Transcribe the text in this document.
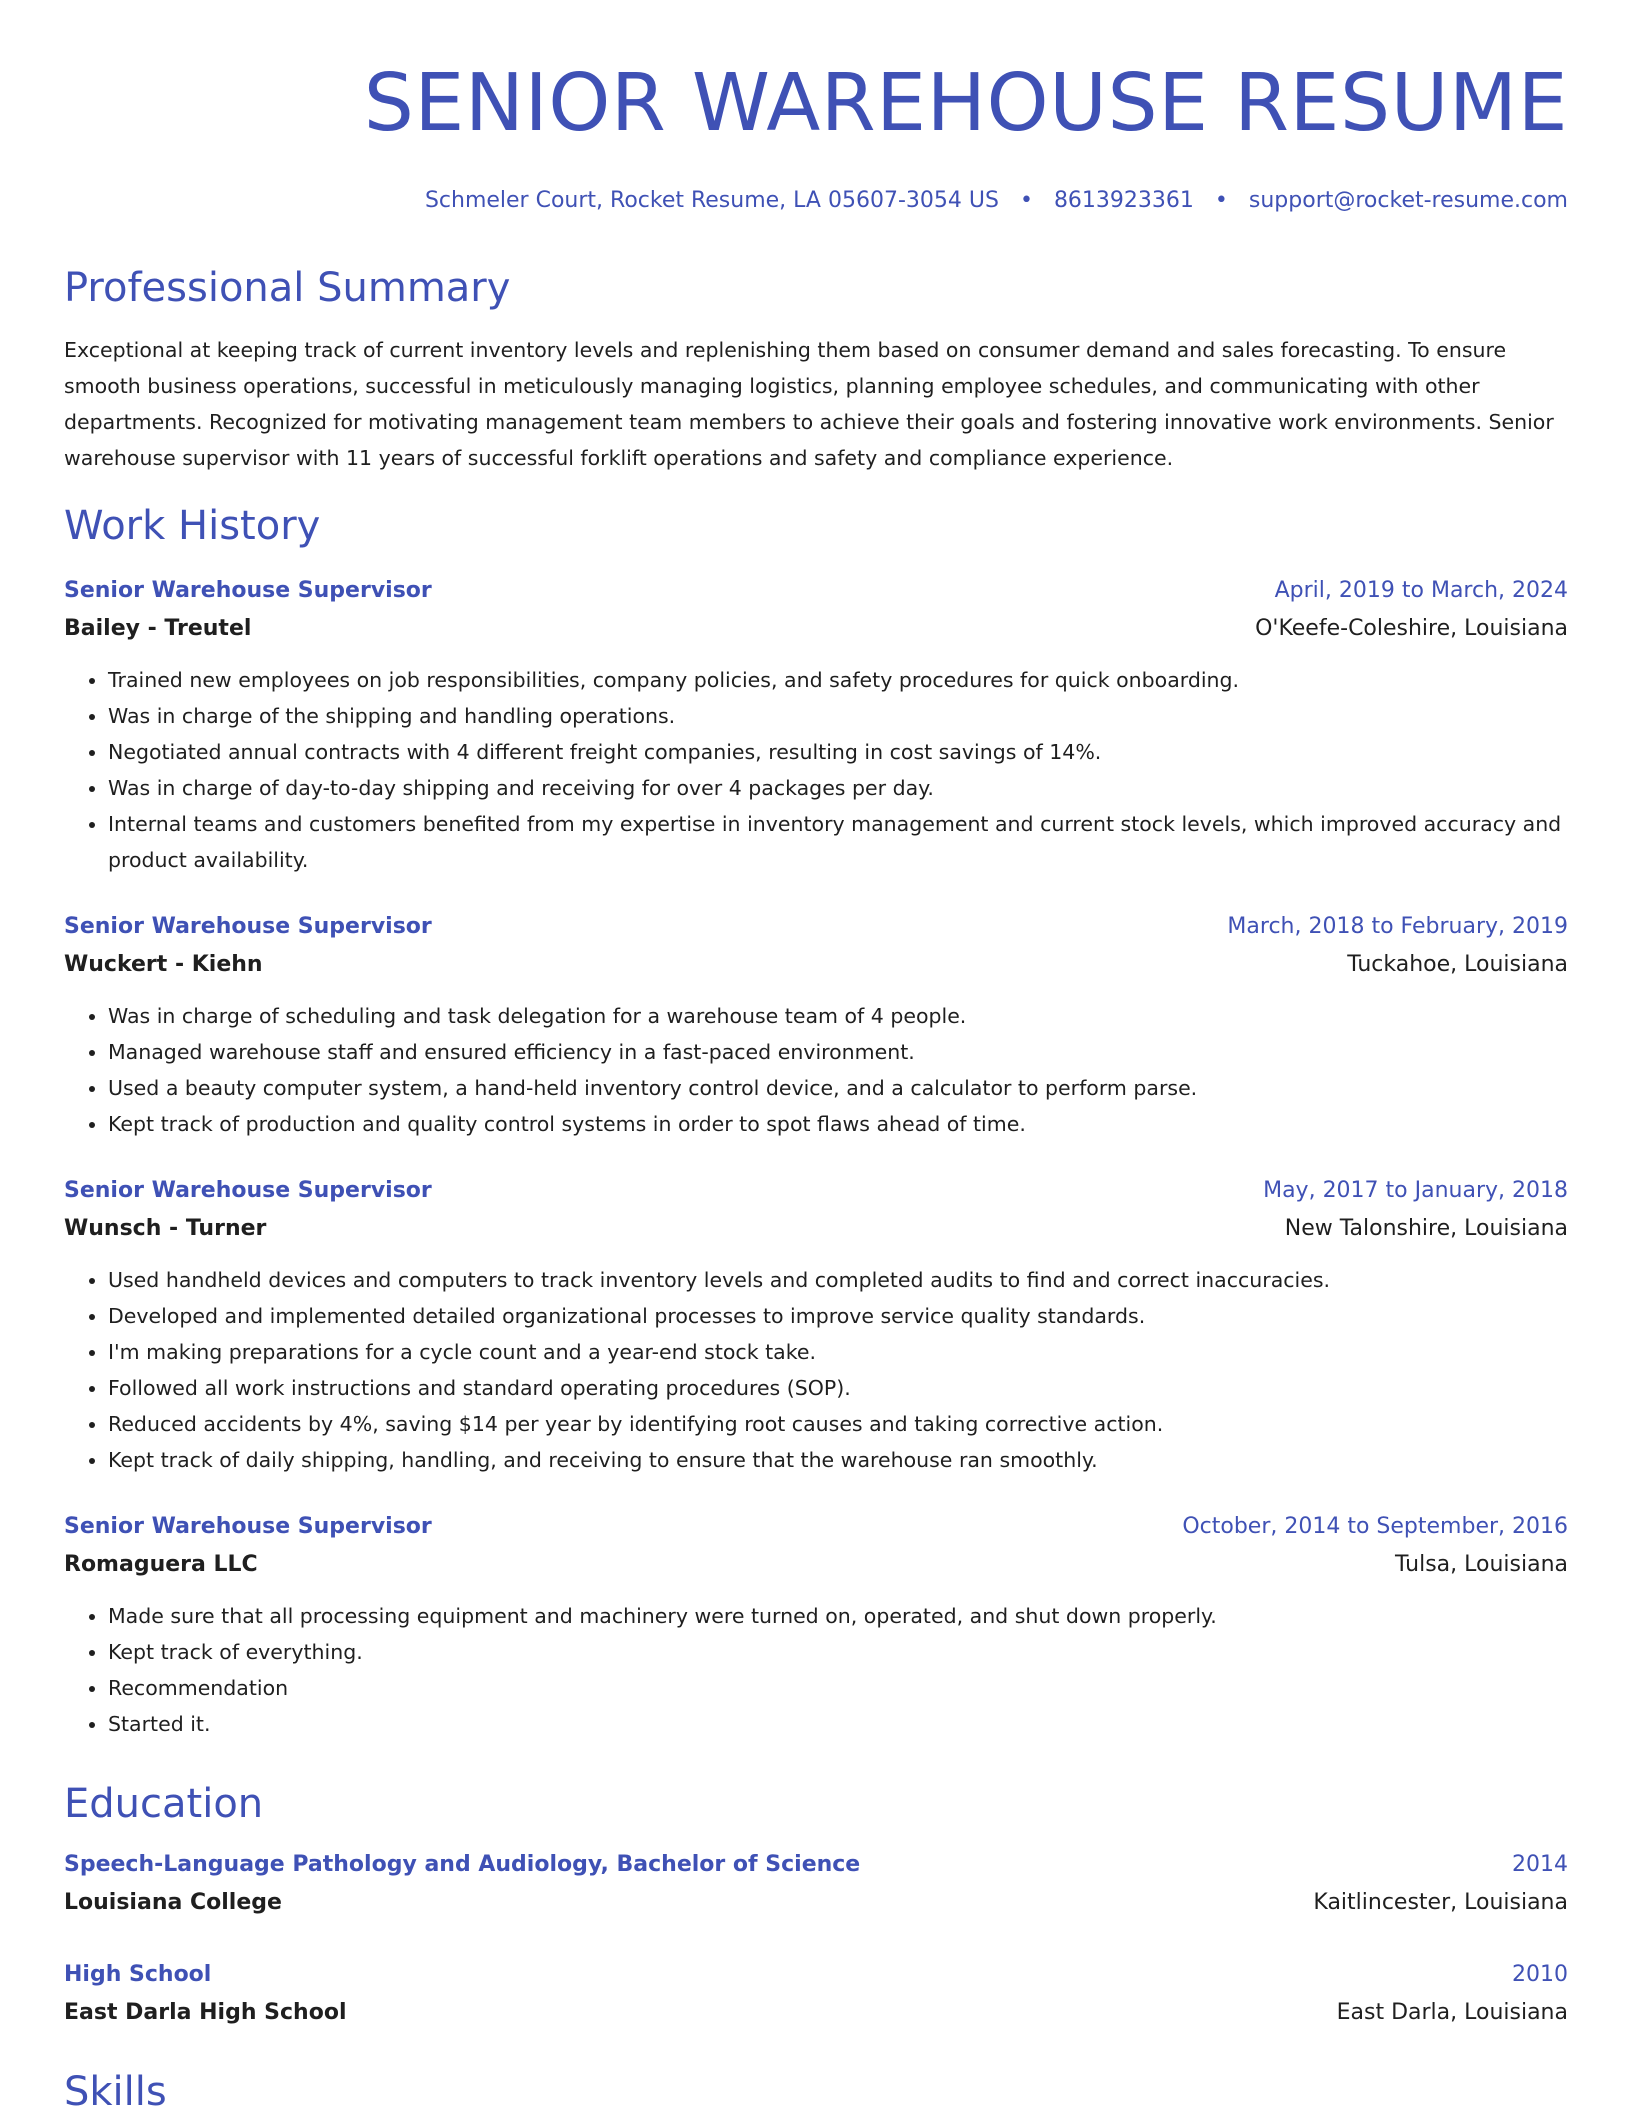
SENIOR WAREHOUSE RESUME
Schmeler Court, Rocket Resume, LA 05607-3054 US • 8613923361 • support@rocket-resume.com
Professional Summary

Exceptional at keeping track of current inventory levels and replenishing them based on consumer demand and sales forecasting. To ensure smooth business operations, successful in meticulously managing logistics, planning employee schedules, and communicating with other departments. Recognized for motivating management team members to achieve their goals and fostering innovative work environments. Senior warehouse supervisor with 11 years of successful forklift operations and safety and compliance experience.

Work History
Senior Warehouse Supervisor	April, 2019 to March, 2024
Bailey - Treutel	O'Keefe-Coleshire, Louisiana
• Trained new employees on job responsibilities, company policies, and safety procedures for quick onboarding.
• Was in charge of the shipping and handling operations.
• Negotiated annual contracts with 4 different freight companies, resulting in cost savings of 14%.
• Was in charge of day-to-day shipping and receiving for over 4 packages per day.
• Internal teams and customers benefited from my expertise in inventory management and current stock levels, which improved accuracy and product availability.
Senior Warehouse Supervisor	March, 2018 to February, 2019
Wuckert - Kiehn	Tuckahoe, Louisiana
• Was in charge of scheduling and task delegation for a warehouse team of 4 people.
• Managed warehouse staff and ensured efficiency in a fast-paced environment.
• Used a beauty computer system, a hand-held inventory control device, and a calculator to perform parse.
• Kept track of production and quality control systems in order to spot flaws ahead of time.
Senior Warehouse Supervisor	May, 2017 to January, 2018
Wunsch - Turner	New Talonshire, Louisiana
• Used handheld devices and computers to track inventory levels and completed audits to find and correct inaccuracies.
• Developed and implemented detailed organizational processes to improve service quality standards.
• I'm making preparations for a cycle count and a year-end stock take.
• Followed all work instructions and standard operating procedures (SOP).
• Reduced accidents by 4%, saving $14 per year by identifying root causes and taking corrective action.
• Kept track of daily shipping, handling, and receiving to ensure that the warehouse ran smoothly.
Senior Warehouse Supervisor	October, 2014 to September, 2016
Romaguera LLC	Tulsa, Louisiana
• Made sure that all processing equipment and machinery were turned on, operated, and shut down properly.
• Kept track of everything.
• Recommendation
• Started it.
Education
Speech-Language Pathology and Audiology, Bachelor of Science	2014
Louisiana College	Kaitlincester, Louisiana
High School	2010
East Darla High School	East Darla, Louisiana
Skills
